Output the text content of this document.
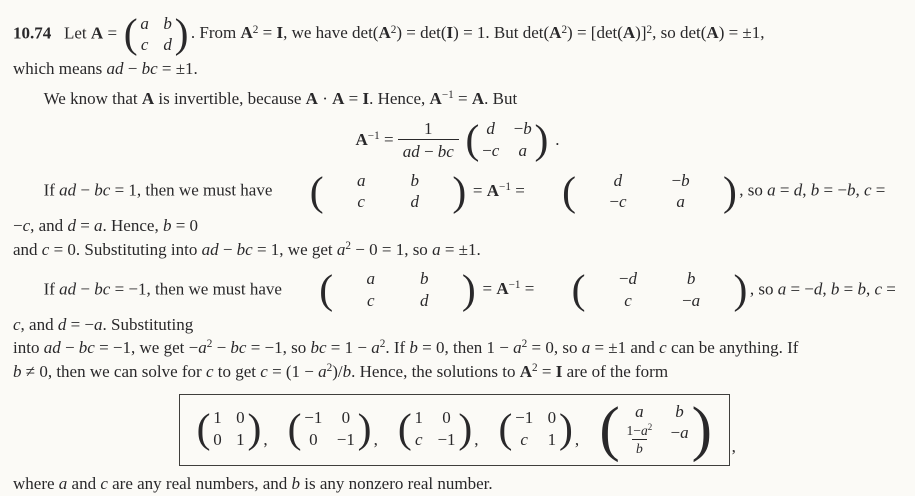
10.74   Let A = ( a b
c d ) . From $A^2 = I$, we have $\det(A^2) = \det(I) = 1$. But $\det(A^2) = [\det(A)]^2$, so det(A) = ±1,
which means ad − bc = ±1.

We know that A is invertible, because A · A = I. Hence, $A^{-1} = A$. But

$A^{-1} = \frac{1}{ad - bc}$ ( d −b
−c a ) .

If ad − bc = 1, then we must have (	a	b
c	d ) = $A^{-1}$ = (	d	−b
−c	a ) , so a = d, b = −b, c = −c, and d = a. Hence, b = 0
and c = 0. Substituting into ad − bc = 1, we get $a^2 - 0 = 1$, so a = ±1.

If ad − bc = −1, then we must have (	a	b
c	d ) = $A^{-1}$ = (	−d	b
c	−a ) , so a = −d, b = b, c = c, and d = −a. Substituting
into ad − bc = −1, we get $-a^2$ − bc = −1, so bc = $1 - a^2$. If b = 0, then $1 - a^2 = 0$, so a = ±1 and c can be anything. If
b ≠ 0, then we can solve for c to get $c = (1 - a^2)/b$. Hence, the solutions to $A^2 = I$ are of the form

( 1 0
0 1 ) , ( −1 0
0 −1 ) , ( 1 0
c −1 ) , ( −1 0
c	1 ) , ( a	b
$\frac{1-a^2}{b} -a$ ) ,

where a and c are any real numbers, and b is any nonzero real number.
